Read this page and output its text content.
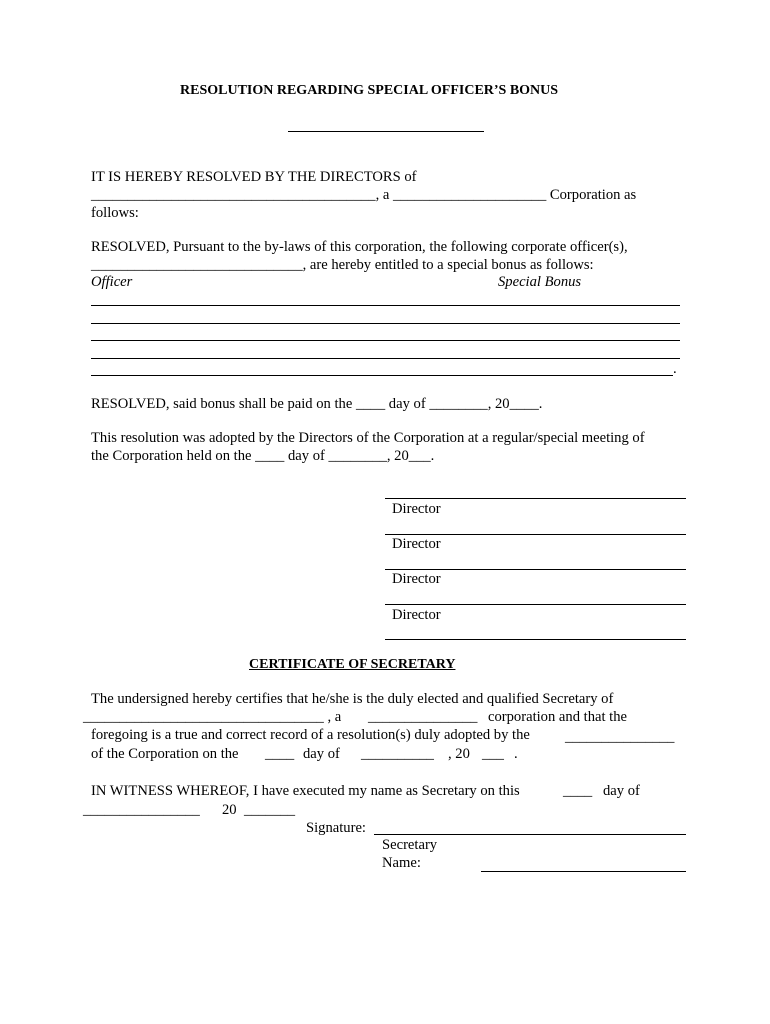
RESOLUTION REGARDING SPECIAL OFFICER’S BONUS
IT IS HEREBY RESOLVED BY THE DIRECTORS of
_______________________________________, a _____________________ Corporation as
follows:
RESOLVED, Pursuant to the by-laws of this corporation, the following corporate officer(s),
_____________________________, are hereby entitled to a special bonus as follows:
Officer	Special Bonus
.
RESOLVED, said bonus shall be paid on the ____ day of ________, 20____.
This resolution was adopted by the Directors of the Corporation at a regular/special meeting of
the Corporation held on the ____ day of ________, 20___.
Director
Director
Director
Director
CERTIFICATE OF SECRETARY
The undersigned hereby certifies that he/she is the duly elected and qualified Secretary of
_________________________________ , a _______________ corporation and that the
foregoing is a true and correct record of a resolution(s) duly adopted by the _______________
of the Corporation on the ____ day of __________ , 20 ___ .
IN WITNESS WHEREOF, I have executed my name as Secretary on this	____ day of
________________ 20 _______
Signature:
Secretary
Name:
